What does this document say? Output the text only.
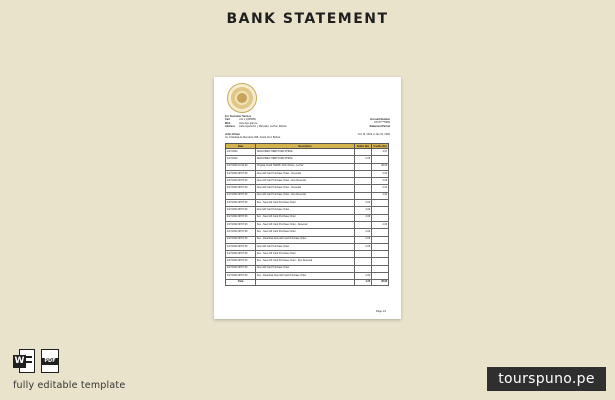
BANK STATEMENT
For Customer Service
Call	+51 1 2345656
Web	www.bcp.gob.pe
Address	Calle Ayacucho y Mercado, La Paz, Bolivia
Account Number
XXXX****5566
Statement Period
John Citizen
Av. Cristobal de Mendoza 398, Santa Cruz Bolivia
Oct 15, 2019 to Jan 15, 2020
Date	Description	Debits ($s)	Credits ($s)
2/17/2020	SENCOMEX HERTFORD PHRSL		4.67
2/17/2020	SENCOMEX HERTFORD PHRSL	0.06	
2/17/2020 10:40:20	Original Credit TARIFF John Citizen, La Paz		28.00
2/17/2020 08:57:06	New Gift Card Purchase Order - Reversal		2.00
2/17/2020 09:57:02	New Gift Card Purchase Order - Rev Reversal		2.00
2/17/2020 08:57:06	New Gift Card Purchase Order - Reversal		2.00
2/17/2020 08:57:06	New Gift Card Purchase Order - Rev Reversal		2.00
2/17/2020 08:57:06	Sen - New Gift Card Purchase Order	2.00	
2/17/2020 08:57:06	New Gift Card Purchase Order	2.00	
2/17/2020 08:57:06	Sen - New Gift Card Purchase Order	2.00	
2/17/2020 08:57:06	Sen - New Gift Card Purchase Order - Reversal		2.00
2/17/2020 08:57:06	Sen - New Gift Card Purchase Order	2.00	
2/17/2020 08:57:06	Sen - Reactivat New Gift Card Purchase Order	2.00	
2/17/2020 08:57:06	New Gift Card Purchase Order	2.00	
2/17/2020 08:57:06	Sen - New Gift Card Purchase Order		
2/17/2020 08:57:06	Sen - New Gift Card Purchase Order - Rev Reversal		
2/17/2020 08:57:06	New Gift Card Purchase Order		
2/17/2020 08:57:06	Sen - Reactivat New Gift Card Purchase Order	2.00	
Total		4.20	38.86
Page 1/1
W	PDF
fully editable template	tourspuno.pe
